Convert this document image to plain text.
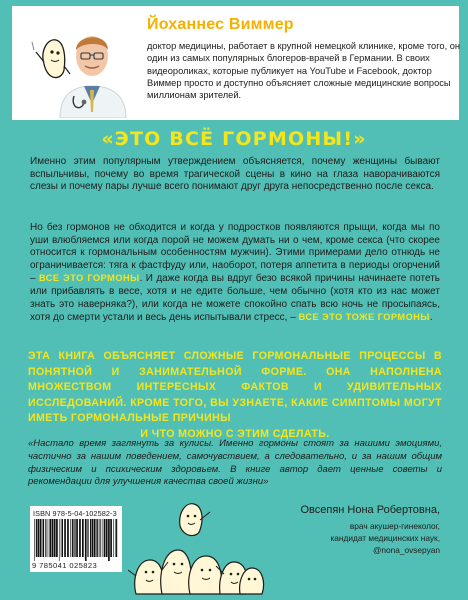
Йоханнес Виммер
доктор медицины, работает в крупной немецкой клинике, кроме того, он один из самых популярных блогеров-врачей в Германии. В своих видеороликах, которые публикует на YouTube и Facebook, доктор Виммер просто и доступно объясняет сложные медицинские вопросы миллионам зрителей.
«ЭТО ВСЁ ГОРМОНЫ!»
Именно этим популярным утверждением объясняется, почему женщины бывают вспыльчивы, почему во время трагической сцены в кино на глаза наворачиваются слезы и почему пары лучше всего понимают друг друга непосредственно после секса.
Но без гормонов не обходится и когда у подростков появляются прыщи, когда мы по уши влюбляемся или когда порой не можем думать ни о чем, кроме секса (что скорее относится к гормональным особенностям мужчин). Этими примерами дело отнюдь не ограничивается: тяга к фастфуду или, наоборот, потеря аппетита в периоды огорчений – ВСЕ ЭТО ГОРМОНЫ. И даже когда вы вдруг безо всякой причины начинаете потеть или прибавлять в весе, хотя и не едите больше, чем обычно (хотя кто из нас может знать это наверняка?), или когда не можете спокойно спать всю ночь не просыпаясь, хотя до смерти устали и весь день испытывали стресс, – ВСЕ ЭТО ТОЖЕ ГОРМОНЫ.
ЭТА КНИГА ОБЪЯСНЯЕТ СЛОЖНЫЕ ГОРМОНАЛЬНЫЕ ПРОЦЕССЫ В ПОНЯТНОЙ И ЗАНИМАТЕЛЬНОЙ ФОРМЕ. ОНА НАПОЛНЕНА МНОЖЕСТВОМ ИНТЕРЕСНЫХ ФАКТОВ И УДИВИТЕЛЬНЫХ ИССЛЕДОВАНИЙ. КРОМЕ ТОГО, ВЫ УЗНАЕТЕ, КАКИЕ СИМПТОМЫ МОГУТ ИМЕТЬ ГОРМОНАЛЬНЫЕ ПРИЧИНЫ
И ЧТО МОЖНО С ЭТИМ СДЕЛАТЬ.
«Настало время заглянуть за кулисы. Именно гормоны стоят за нашими эмоциями, частично за нашим поведением, самочувствием, а следовательно, и за нашим общим физическим и психическим здоровьем. В книге автор дает ценные советы и рекомендации для улучшения качества своей жизни»
Овсепян Нона Робертовна,
врач акушер-гинеколог,
кандидат медицинских наук,
@nona_ovsepyan
ISBN 978-5-04-102582-3
9 785041 025823
